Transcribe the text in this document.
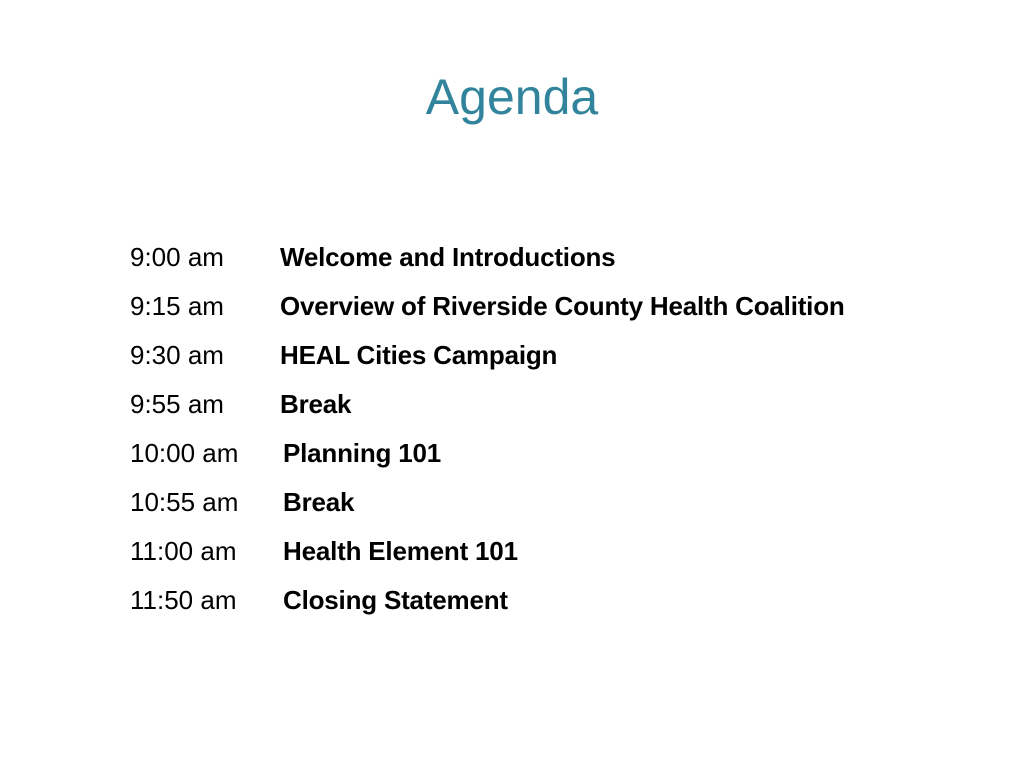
Agenda
9:00 am	Welcome and Introductions
9:15 am	Overview of Riverside County Health Coalition
9:30 am	HEAL Cities Campaign
9:55 am	Break
10:00 am	Planning 101
10:55 am	Break
11:00 am	Health Element 101
11:50 am	Closing Statement
